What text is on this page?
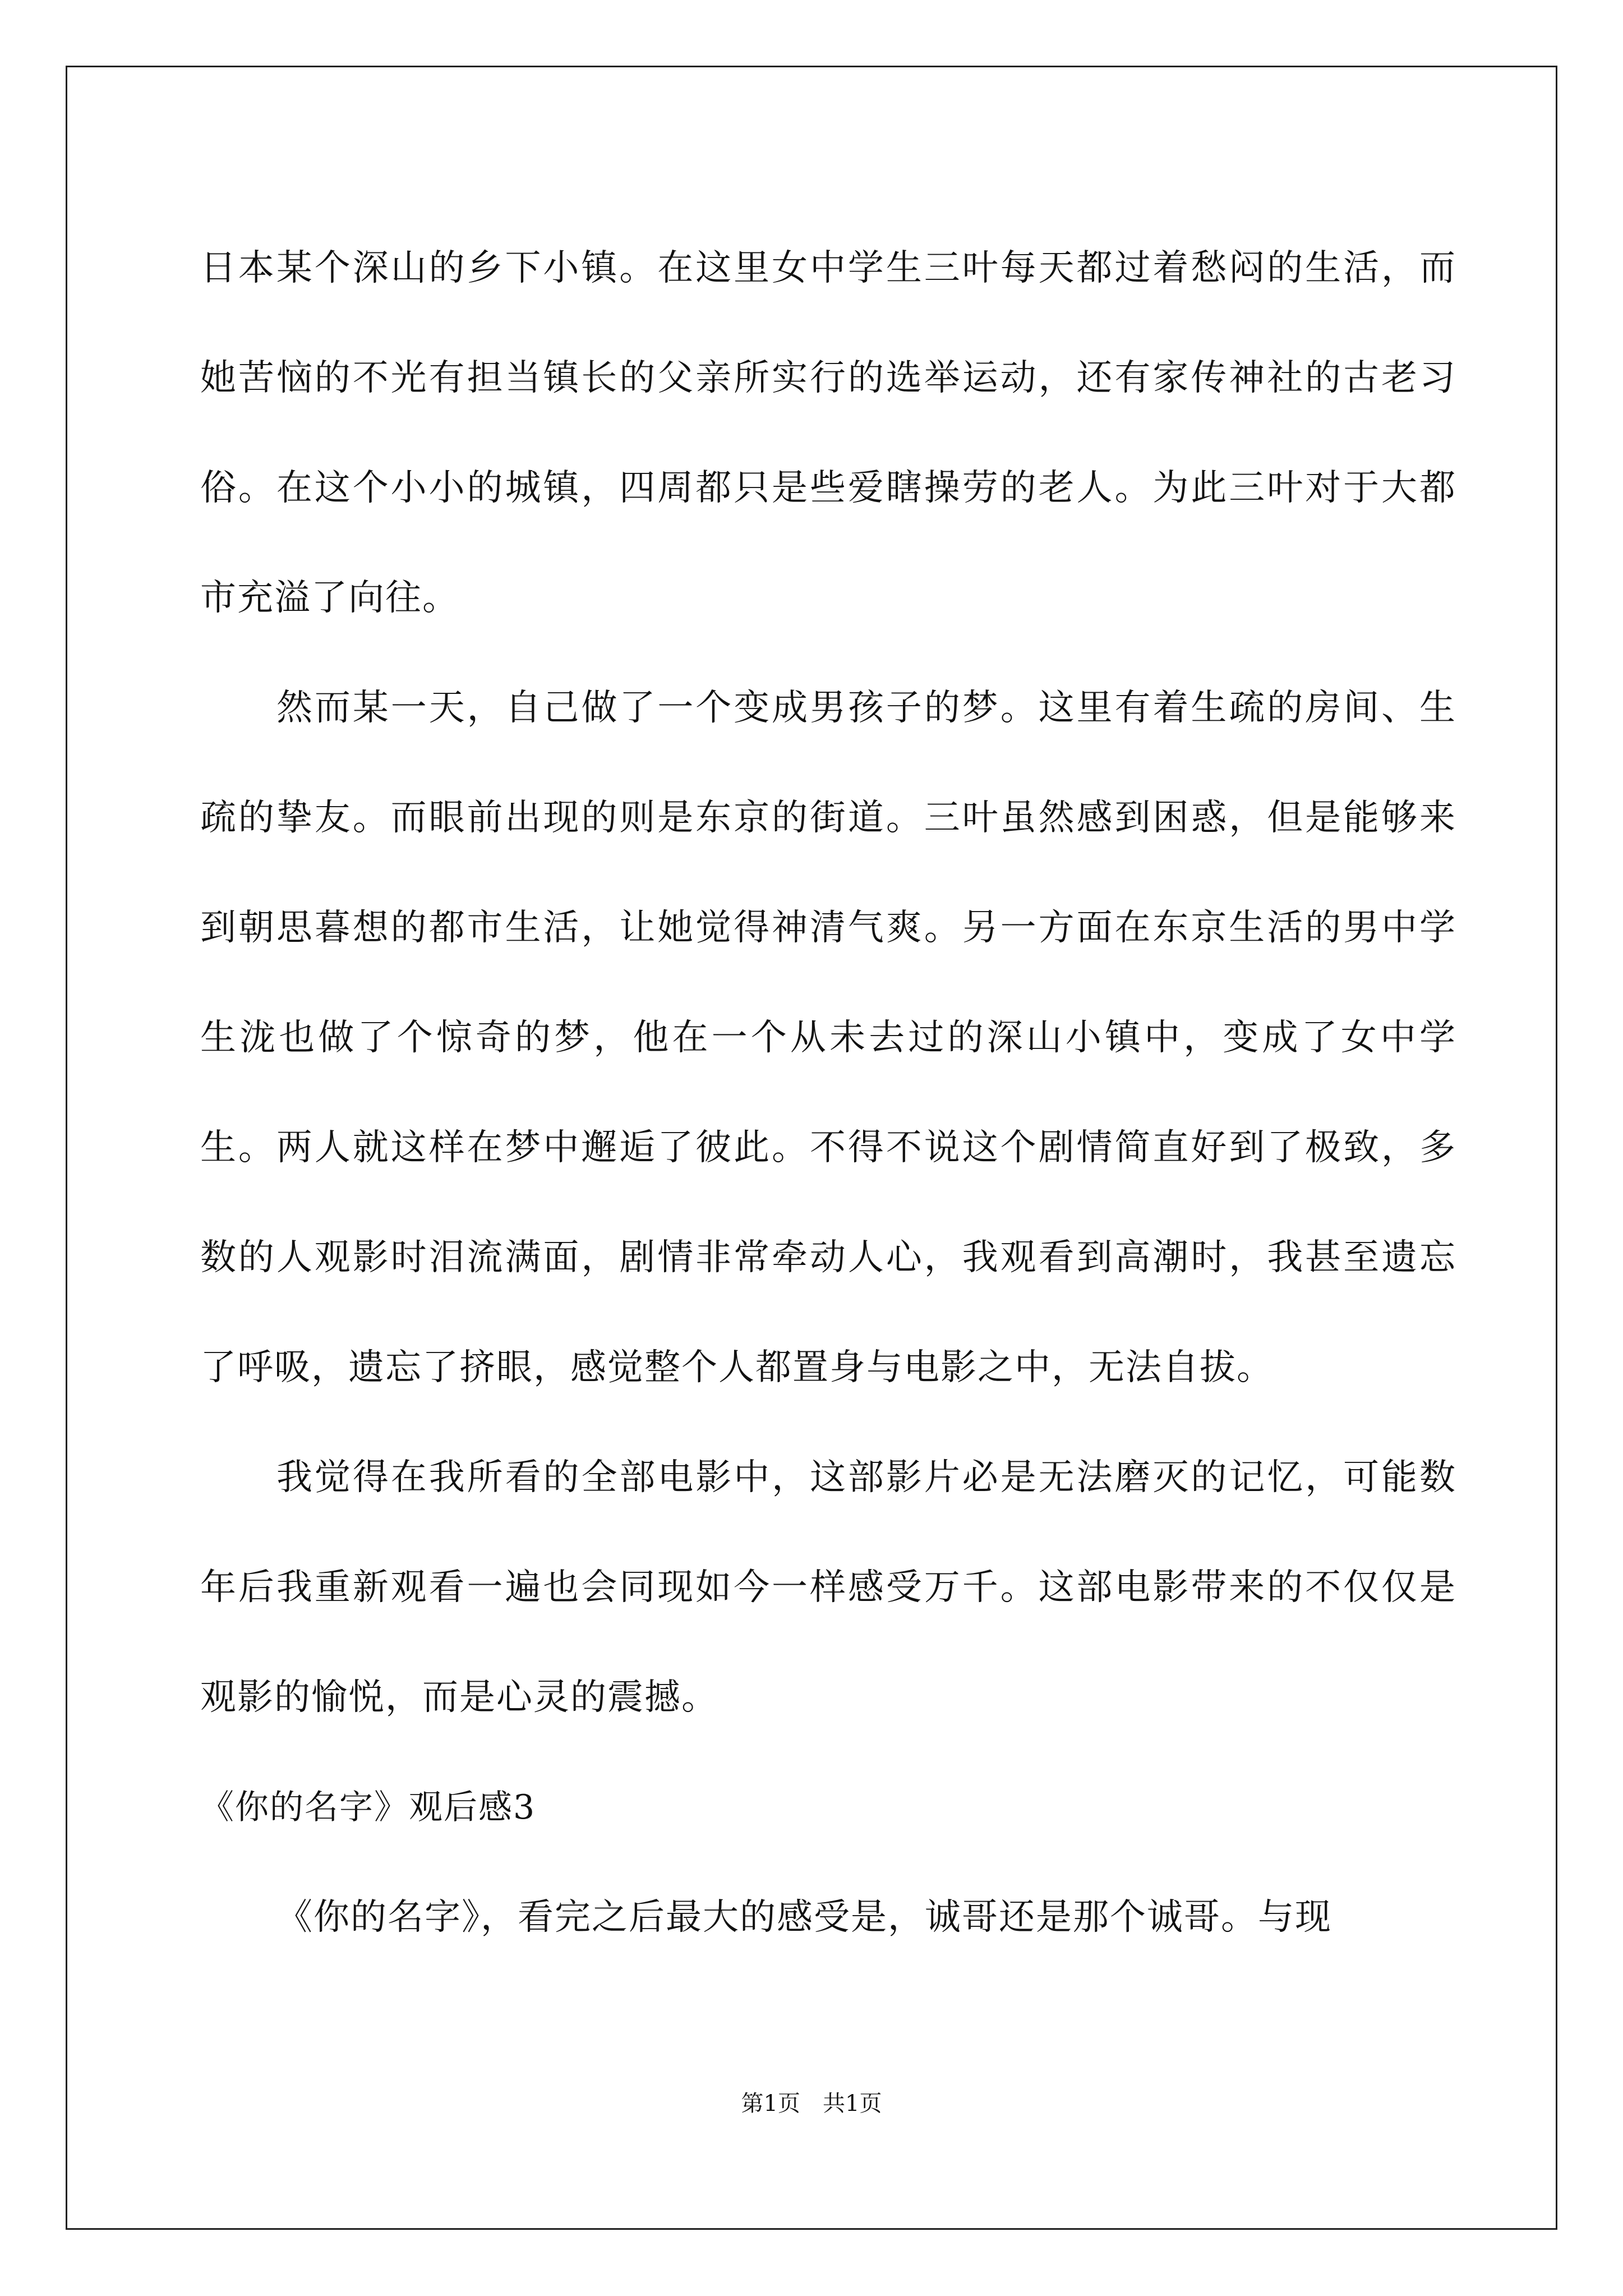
日本某个深山的乡下小镇。在这里女中学生三叶每天都过着愁闷的生活，而她苦恼的不光有担当镇长的父亲所实行的选举运动，还有家传神社的古老习俗。在这个小小的城镇，四周都只是些爱瞎操劳的老人。为此三叶对于大都市充溢了向往。

然而某一天，自己做了一个变成男孩子的梦。这里有着生疏的房间、生疏的挚友。而眼前出现的则是东京的街道。三叶虽然感到困惑，但是能够来到朝思暮想的都市生活，让她觉得神清气爽。另一方面在东京生活的男中学生泷也做了个惊奇的梦，他在一个从未去过的深山小镇中，变成了女中学生。两人就这样在梦中邂逅了彼此。不得不说这个剧情简直好到了极致，多数的人观影时泪流满面，剧情非常牵动人心，我观看到高潮时，我甚至遗忘了呼吸，遗忘了挤眼，感觉整个人都置身与电影之中，无法自拔。

我觉得在我所看的全部电影中，这部影片必是无法磨灭的记忆，可能数年后我重新观看一遍也会同现如今一样感受万千。这部电影带来的不仅仅是观影的愉悦，而是心灵的震撼。

《你的名字》观后感3

《你的名字》，看完之后最大的感受是，诚哥还是那个诚哥。与现

第1页　共1页
